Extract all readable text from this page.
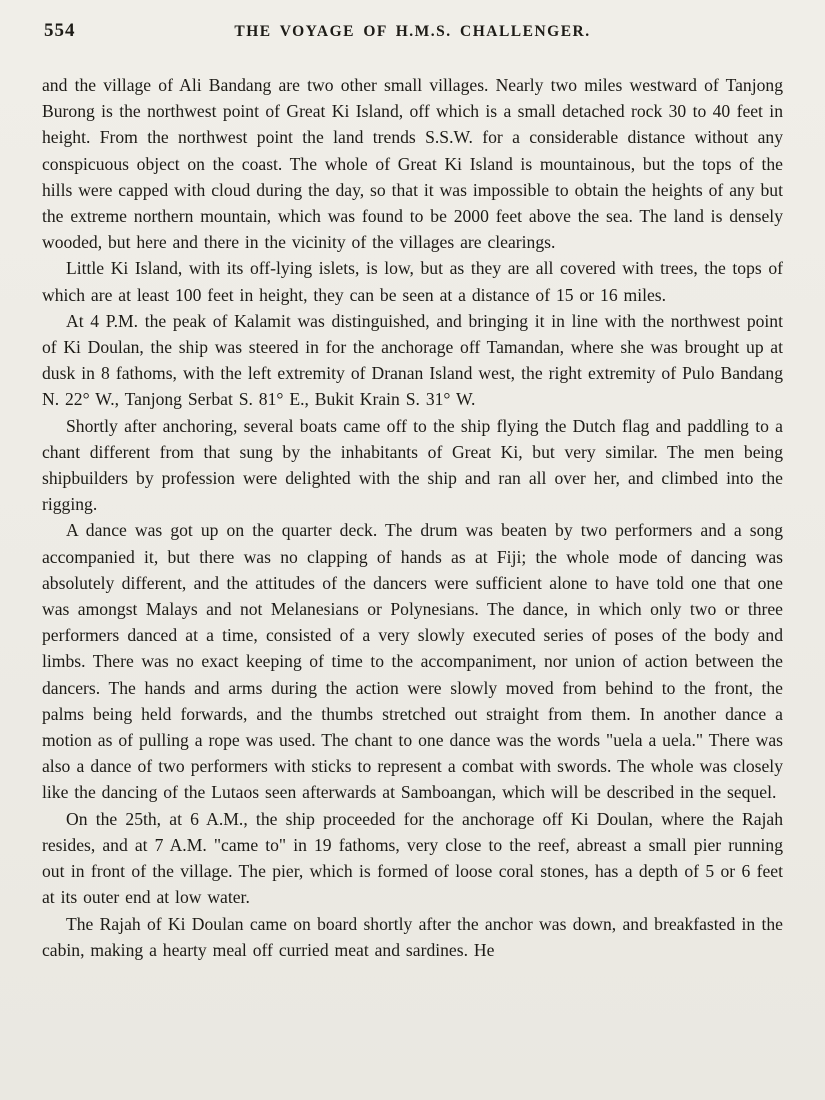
554	THE VOYAGE OF H.M.S. CHALLENGER.

and the village of Ali Bandang are two other small villages. Nearly two miles westward of Tanjong Burong is the northwest point of Great Ki Island, off which is a small detached rock 30 to 40 feet in height. From the northwest point the land trends S.S.W. for a considerable distance without any conspicuous object on the coast. The whole of Great Ki Island is mountainous, but the tops of the hills were capped with cloud during the day, so that it was impossible to obtain the heights of any but the extreme northern mountain, which was found to be 2000 feet above the sea. The land is densely wooded, but here and there in the vicinity of the villages are clearings.

Little Ki Island, with its off-lying islets, is low, but as they are all covered with trees, the tops of which are at least 100 feet in height, they can be seen at a distance of 15 or 16 miles.

At 4 P.M. the peak of Kalamit was distinguished, and bringing it in line with the northwest point of Ki Doulan, the ship was steered in for the anchorage off Tamandan, where she was brought up at dusk in 8 fathoms, with the left extremity of Dranan Island west, the right extremity of Pulo Bandang N. 22° W., Tanjong Serbat S. 81° E., Bukit Krain S. 31° W.

Shortly after anchoring, several boats came off to the ship flying the Dutch flag and paddling to a chant different from that sung by the inhabitants of Great Ki, but very similar. The men being shipbuilders by profession were delighted with the ship and ran all over her, and climbed into the rigging.

A dance was got up on the quarter deck. The drum was beaten by two performers and a song accompanied it, but there was no clapping of hands as at Fiji; the whole mode of dancing was absolutely different, and the attitudes of the dancers were sufficient alone to have told one that one was amongst Malays and not Melanesians or Polynesians. The dance, in which only two or three performers danced at a time, consisted of a very slowly executed series of poses of the body and limbs. There was no exact keeping of time to the accompaniment, nor union of action between the dancers. The hands and arms during the action were slowly moved from behind to the front, the palms being held forwards, and the thumbs stretched out straight from them. In another dance a motion as of pulling a rope was used. The chant to one dance was the words "uela a uela." There was also a dance of two performers with sticks to represent a combat with swords. The whole was closely like the dancing of the Lutaos seen afterwards at Samboangan, which will be described in the sequel.

On the 25th, at 6 A.M., the ship proceeded for the anchorage off Ki Doulan, where the Rajah resides, and at 7 A.M. "came to" in 19 fathoms, very close to the reef, abreast a small pier running out in front of the village. The pier, which is formed of loose coral stones, has a depth of 5 or 6 feet at its outer end at low water.

The Rajah of Ki Doulan came on board shortly after the anchor was down, and breakfasted in the cabin, making a hearty meal off curried meat and sardines. He
